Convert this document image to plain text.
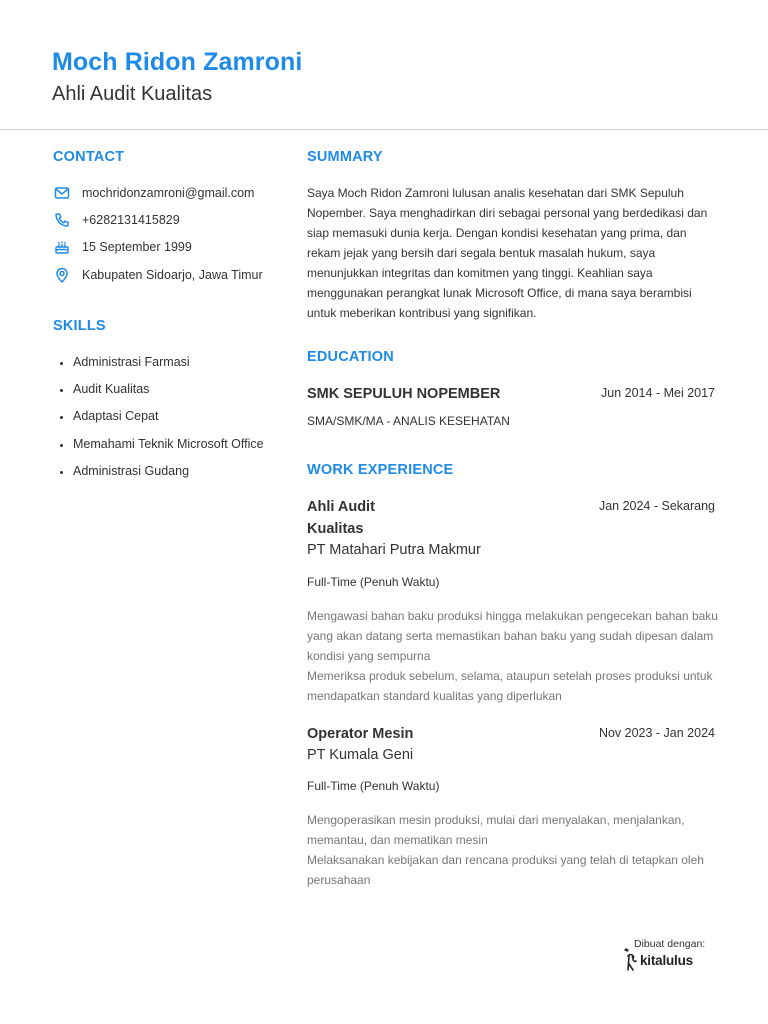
Moch Ridon Zamroni
Ahli Audit Kualitas
CONTACT
mochridonzamroni@gmail.com
+6282131415829
15 September 1999
Kabupaten Sidoarjo, Jawa Timur
SKILLS
Administrasi Farmasi
Audit Kualitas
Adaptasi Cepat
Memahami Teknik Microsoft Office
Administrasi Gudang
SUMMARY
Saya Moch Ridon Zamroni lulusan analis kesehatan dari SMK Sepuluh Nopember. Saya menghadirkan diri sebagai personal yang berdedikasi dan siap memasuki dunia kerja. Dengan kondisi kesehatan yang prima, dan rekam jejak yang bersih dari segala bentuk masalah hukum, saya menunjukkan integritas dan komitmen yang tinggi. Keahlian saya menggunakan perangkat lunak Microsoft Office, di mana saya berambisi untuk meberikan kontribusi yang signifikan.
EDUCATION
SMK SEPULUH NOPEMBER	Jun 2014 - Mei 2017
SMA/SMK/MA - ANALIS KESEHATAN
WORK EXPERIENCE
Ahli Audit
Kualitas
Jan 2024 - Sekarang
PT Matahari Putra Makmur
Full-Time (Penuh Waktu)
Mengawasi bahan baku produksi hingga melakukan pengecekan bahan baku yang akan datang serta memastikan bahan baku yang sudah dipesan dalam kondisi yang sempurna
Memeriksa produk sebelum, selama, ataupun setelah proses produksi untuk mendapatkan standard kualitas yang diperlukan
Operator Mesin	Nov 2023 - Jan 2024
PT Kumala Geni
Full-Time (Penuh Waktu)
Mengoperasikan mesin produksi, mulai dari menyalakan, menjalankan, memantau, dan mematikan mesin
Melaksanakan kebijakan dan rencana produksi yang telah di tetapkan oleh perusahaan
Dibuat dengan:
kitalulus
